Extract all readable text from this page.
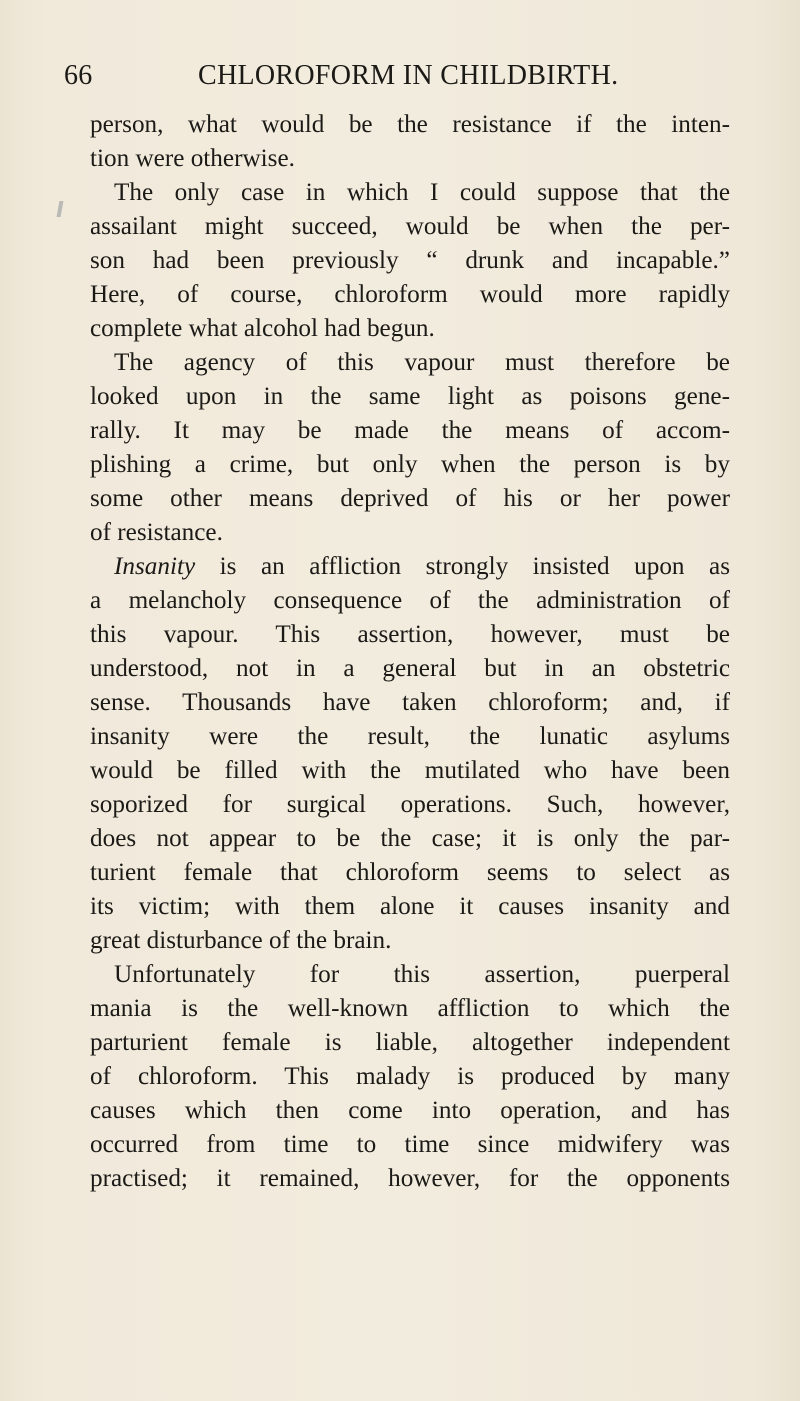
66	CHLOROFORM IN CHILDBIRTH.
person, what would be the resistance if the inten-
tion were otherwise.
The only case in which I could suppose that the
assailant might succeed, would be when the per-
son had been previously “ drunk and incapable.”
Here, of course, chloroform would more rapidly
complete what alcohol had begun.
The agency of this vapour must therefore be
looked upon in the same light as poisons gene-
rally. It may be made the means of accom-
plishing a crime, but only when the person is by
some other means deprived of his or her power
of resistance.
Insanity is an affliction strongly insisted upon as
a melancholy consequence of the administration of
this vapour. This assertion, however, must be
understood, not in a general but in an obstetric
sense. Thousands have taken chloroform; and, if
insanity were the result, the lunatic asylums
would be filled with the mutilated who have been
soporized for surgical operations. Such, however,
does not appear to be the case; it is only the par-
turient female that chloroform seems to select as
its victim; with them alone it causes insanity and
great disturbance of the brain.
Unfortunately for this assertion, puerperal
mania is the well-known affliction to which the
parturient female is liable, altogether independent
of chloroform. This malady is produced by many
causes which then come into operation, and has
occurred from time to time since midwifery was
practised; it remained, however, for the opponents
